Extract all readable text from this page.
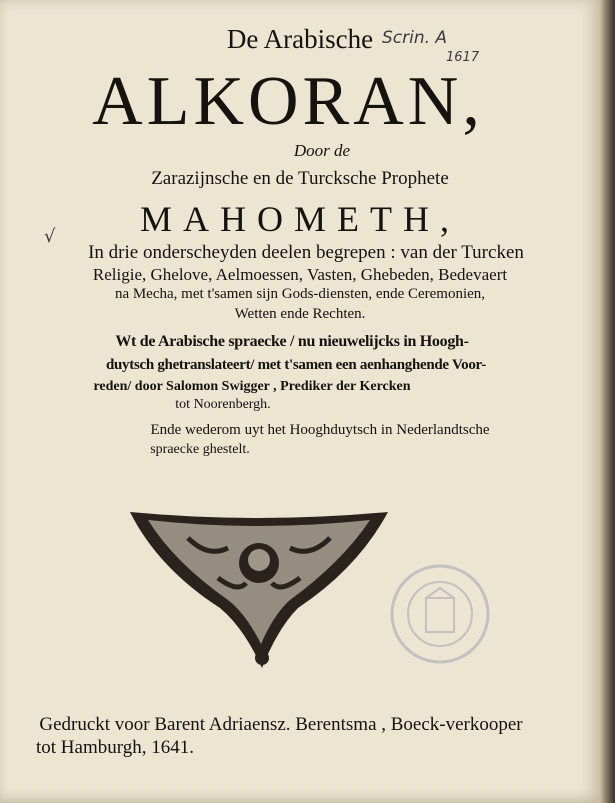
De Arabische
ALKORAN,
Door de
Zarazijnsche en de Turcksche Prophete
MAHOMETH,
√
In drie onderscheyden deelen begrepen : van der Turcken
Religie, Ghelove, Aelmoessen, Vasten, Ghebeden, Bedevaert
na Mecha, met t'samen sijn Gods-diensten, ende Ceremonien,
Wetten ende Rechten.
Wt de Arabische spraecke / nu nieuwelijcks in Hoogh-
duytsch ghetranslateert/ met t'samen een aenhanghende Voor-
reden/ door Salomon Swigger , Prediker der Kercken
tot Noorenbergh.
Ende wederom uyt het Hooghduytsch in Nederlandtsche
spraecke ghestelt.
Scrin. A
1617
Gedruckt voor Barent Adriaensz. Berentsma , Boeck-verkooper
tot Hamburgh, 1641.
